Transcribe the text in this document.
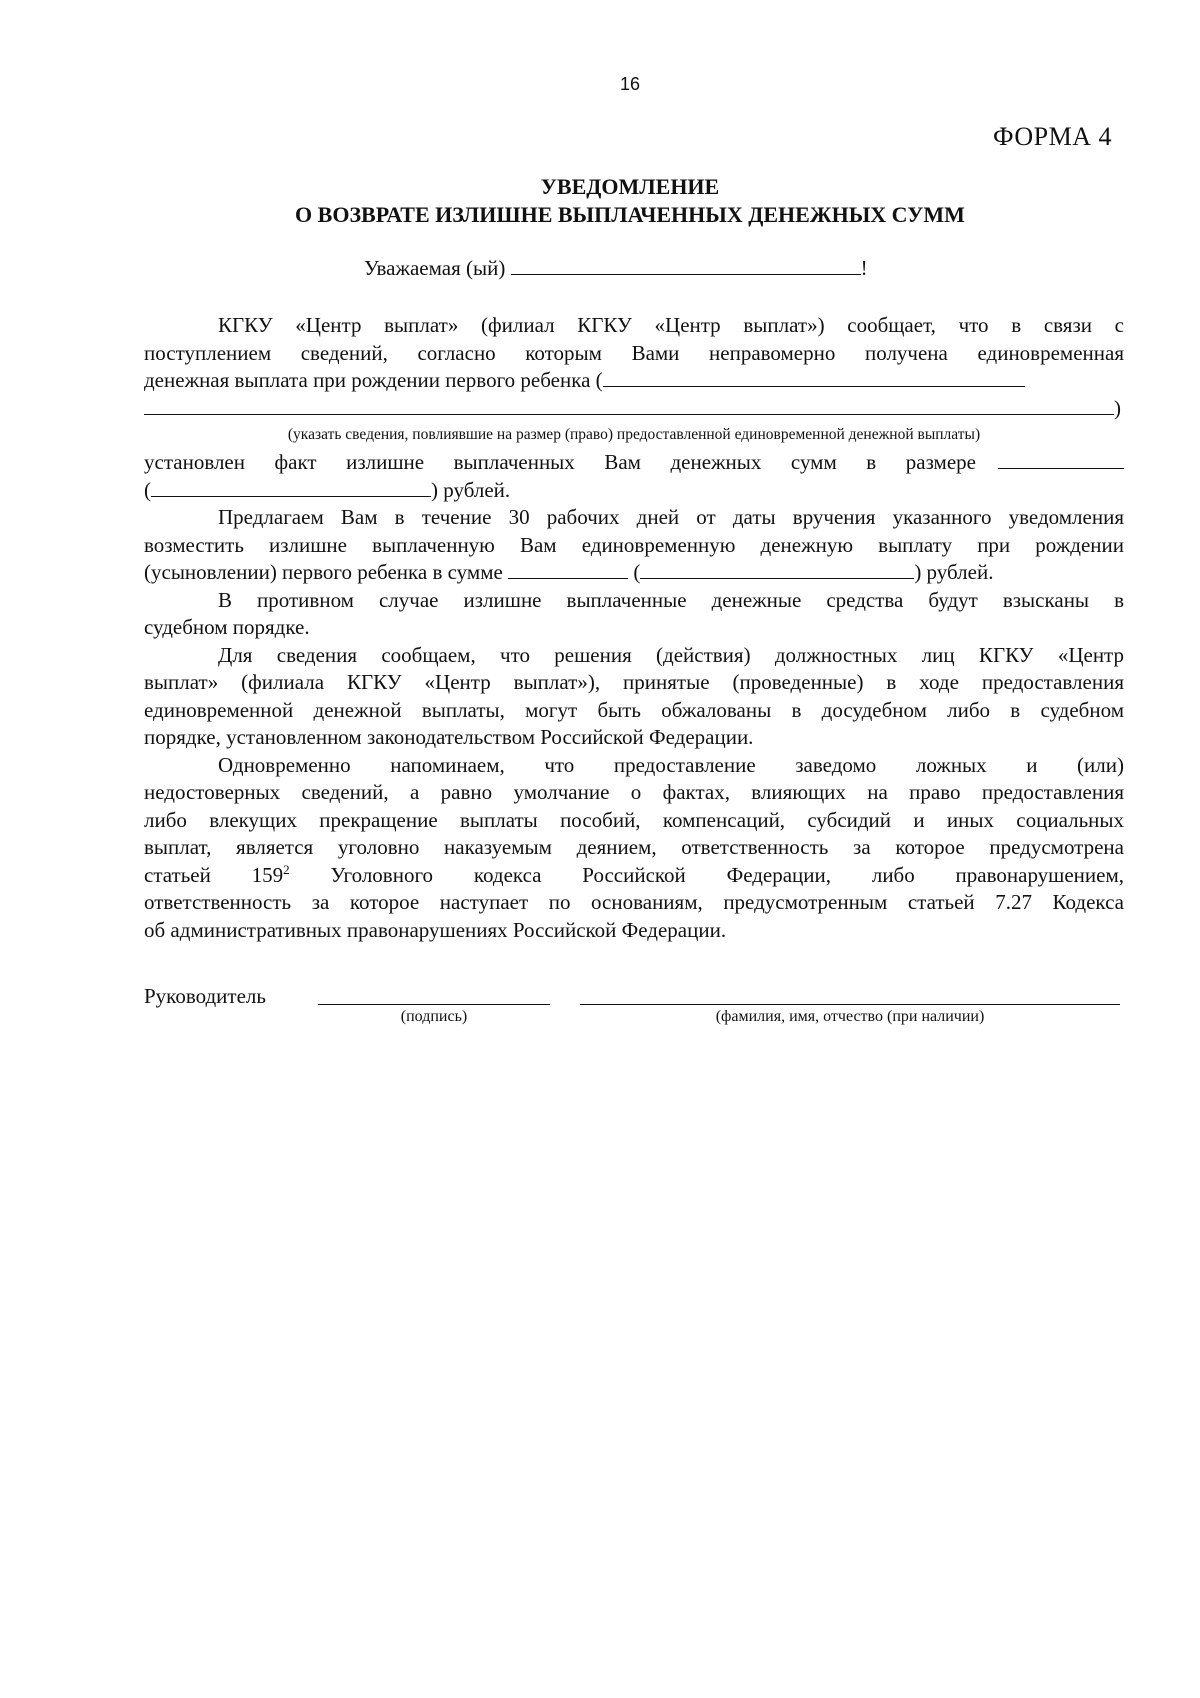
16
ФОРМА 4
УВЕДОМЛЕНИЕ
О ВОЗВРАТЕ ИЗЛИШНЕ ВЫПЛАЧЕННЫХ ДЕНЕЖНЫХ СУММ
Уважаемая (ый)	!
КГКУ «Центр выплат» (филиал КГКУ «Центр выплат») сообщает, что в связи с
поступлением сведений, согласно которым Вами неправомерно получена единовременная
денежная выплата при рождении первого ребенка (
)
установлен факт излишне выплаченных Вам денежных сумм в размере
(	) рублей.
Предлагаем Вам в течение 30 рабочих дней от даты вручения указанного уведомления
возместить излишне выплаченную Вам единовременную денежную выплату при рождении
(усыновлении) первого ребенка в сумме	(	) рублей.
В противном случае излишне выплаченные денежные средства будут взысканы в
судебном порядке.
Для сведения сообщаем, что решения (действия) должностных лиц КГКУ «Центр
выплат» (филиала КГКУ «Центр выплат»), принятые (проведенные) в ходе предоставления
единовременной денежной выплаты, могут быть обжалованы в досудебном либо в судебном
порядке, установленном законодательством Российской Федерации.
Одновременно напоминаем, что предоставление заведомо ложных и (или)
недостоверных сведений, а равно умолчание о фактах, влияющих на право предоставления
либо влекущих прекращение выплаты пособий, компенсаций, субсидий и иных социальных
выплат, является уголовно наказуемым деянием, ответственность за которое предусмотрена
статьей $159^2$ Уголовного кодекса Российской Федерации, либо правонарушением,
ответственность за которое наступает по основаниям, предусмотренным статьей 7.27 Кодекса
об административных правонарушениях Российской Федерации.
(указать сведения, повлиявшие на размер (право) предоставленной единовременной денежной выплаты)
Руководитель
(подпись)	(фамилия, имя, отчество (при наличии)
